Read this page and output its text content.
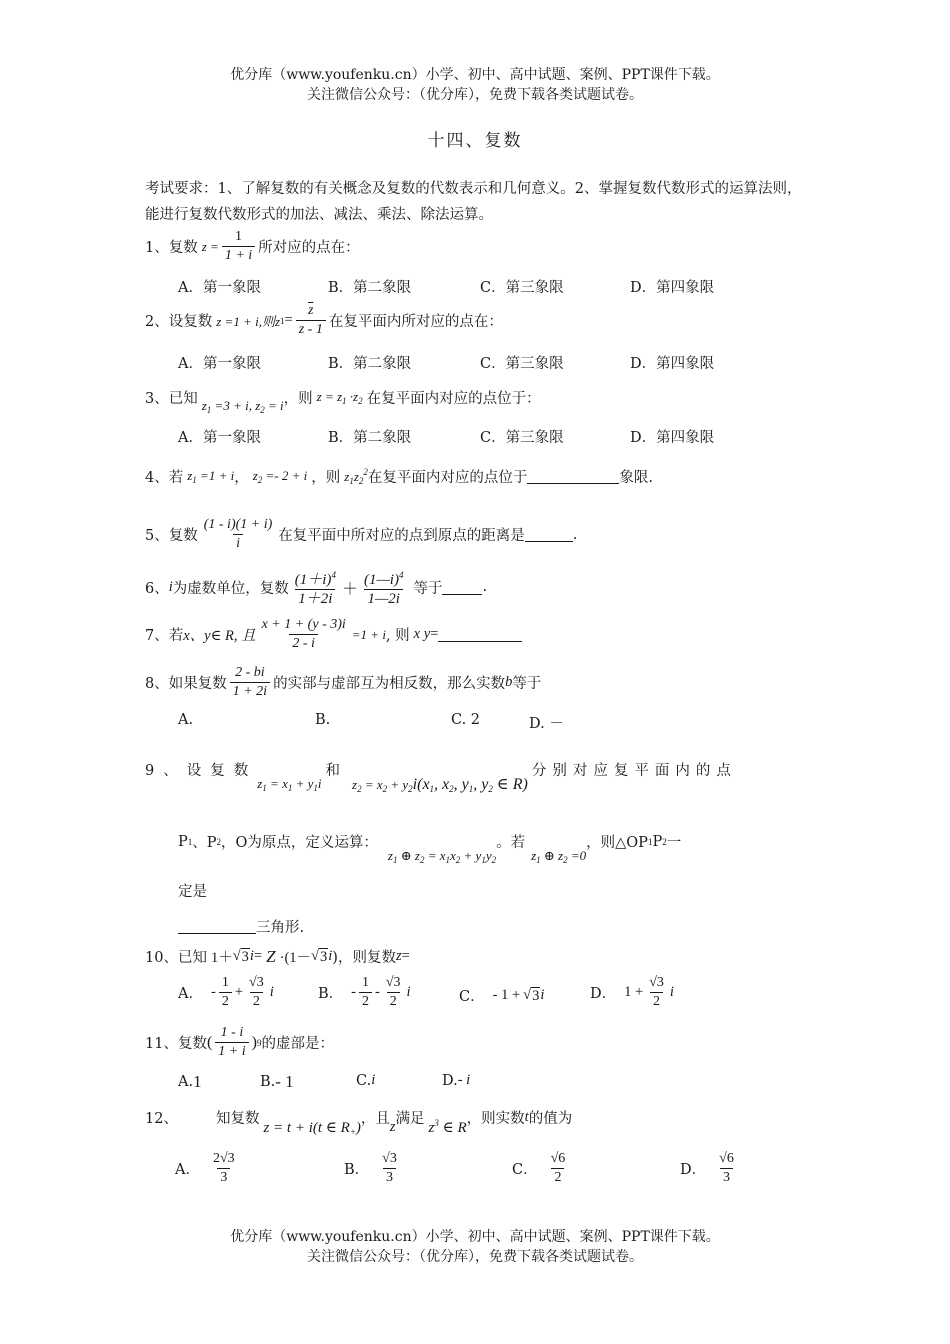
优分库（www.youfenku.cn）小学、初中、高中试题、案例、PPT课件下载。
关注微信公众号：（优分库），免费下载各类试题试卷。
十四、复数
考试要求：1、了解复数的有关概念及复数的代数表示和几何意义。2、掌握复数代数形式的运算法则，能进行复数代数形式的加法、减法、乘法、除法运算。
1、复数 $z = \frac{1}{1 + i}$ 所对应的点在：
A．第一象限	B．第二象限	C．第三象限	D．第四象限
2、设复数 z =1 + i,则z $1 = \frac{\overline{z}}{z - 1}$ 在复平面内所对应的点在：
A．第一象限	B．第二象限	C．第三象限	D．第四象限
3、已知 $z_1 =3 + i$, $z_2 = i$ ，则 $z = z_1 \cdot z_2$ 在复平面内对应的点位于：
A．第一象限	B．第二象限	C．第三象限	D．第四象限
4、若 $z_1 =1 + i$ ， $z_2 =- 2 + i$ ，则 $z_1z_2^2$ 在复平面内对应的点位于	象限.
5、复数 $\frac{(1 - i)(1 + i)}{i}$ 在复平面中所对应的点到原点的距离是	.
6、 i 为虚数单位，复数 $\frac{(1+i)^4}{1+2i} + \frac{(1—i)^4}{1—2i}$ 等于	.
7、若 x、y∈ R, 且 $\frac{x + 1 + (y - 3)i}{2 - i} =1 + i$ , 则 x y =
8、如果复数 $\frac{2 - bi}{1 + 2i}$ 的实部与虚部互为相反数，那么实数 b 等于
A.	B.	C. 2	D. －
9、设复数
$z_1 = x_1 + y_1i$
和
$z_2 = x_2 + y_2i(x_1$, $x_2$, $y_1$, $y_2$ ∈ R)
分别对应复平面内的点
P 1 、P 2 ，O为原点，定义运算：
$z_1$ ⊕ $z_2 = x_1x_2 + y_1y_2$
。若
$z_1$ ⊕ $z_2 =0$
，则△OP 1 P 2 一
定是
三角形.
10、已知 1＋ √ 3 i = Z ·(1－ √ 3 i )，则复数 z =
A． - $\frac{1}{2} + \frac{√3}{2}$ i	B． - $\frac{1}{2} - \frac{√3}{2}$ i	C． - 1 + √ 3 i	D． $1 + \frac{√3}{2}$ i
11、复数 ( $\frac{1 - i}{1 + i}$ ) 9 的虚部是：
A. 1	B. - 1	C. i	D. - i
12、	知复数
z = t + i(t ∈ $R_+$)
，且 z 满足
$z^3$ ∈ R
，则实数 t 的值为
A． $\frac{2√3}{3}$	B． $\frac{√3}{3}$	C． $\frac{√6}{2}$	D． $\frac{√6}{3}$
优分库（www.youfenku.cn）小学、初中、高中试题、案例、PPT课件下载。
关注微信公众号：（优分库），免费下载各类试题试卷。
